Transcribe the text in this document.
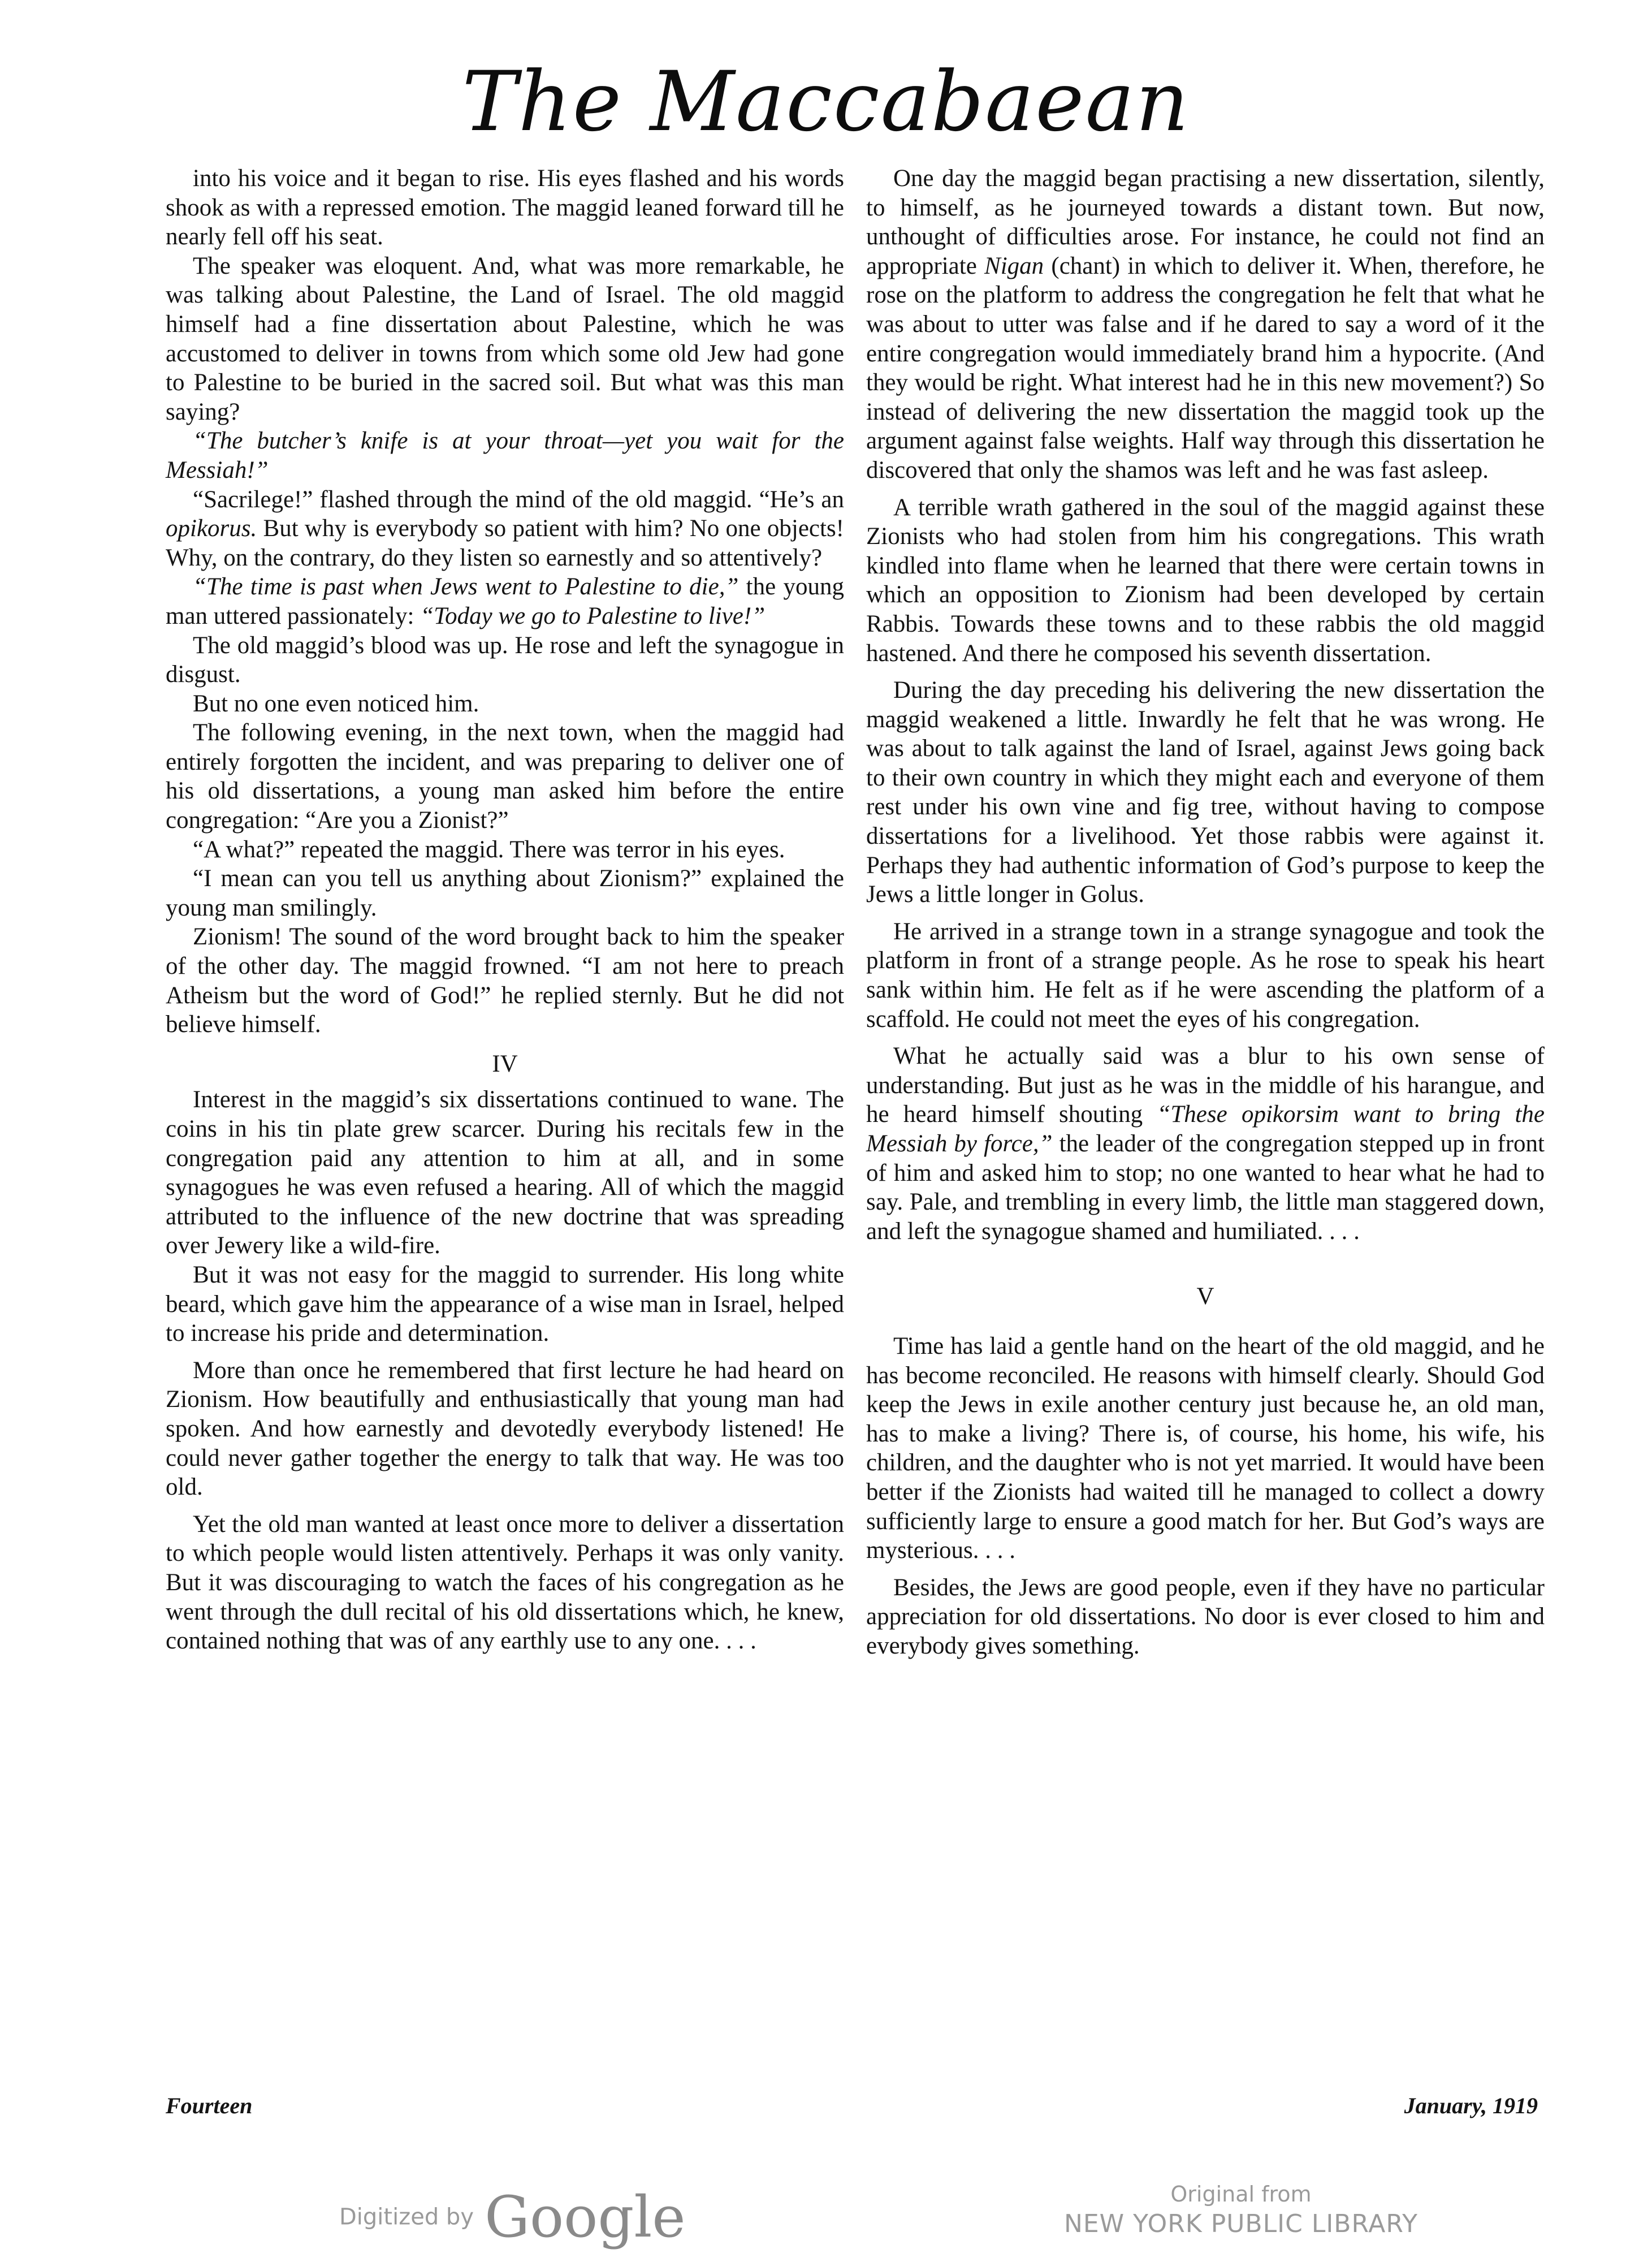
The Maccabaean

into his voice and it began to rise. His eyes flashed and his words shook as with a repressed emotion. The maggid leaned forward till he nearly fell off his seat.

The speaker was eloquent. And, what was more remarkable, he was talking about Palestine, the Land of Israel. The old maggid himself had a fine dissertation about Palestine, which he was accustomed to deliver in towns from which some old Jew had gone to Palestine to be buried in the sacred soil. But what was this man saying?

“The butcher’s knife is at your throat—yet you wait for the Messiah!”

“Sacrilege!” flashed through the mind of the old maggid. “He’s an opikorus. But why is everybody so patient with him? No one objects! Why, on the contrary, do they listen so earnestly and so attentively?

“The time is past when Jews went to Palestine to die,” the young man uttered passionately: “Today we go to Palestine to live!”

The old maggid’s blood was up. He rose and left the synagogue in disgust.

But no one even noticed him.

The following evening, in the next town, when the maggid had entirely forgotten the incident, and was preparing to deliver one of his old dissertations, a young man asked him before the entire congregation: “Are you a Zionist?”

“A what?” repeated the maggid. There was terror in his eyes.

“I mean can you tell us anything about Zionism?” explained the young man smilingly.

Zionism! The sound of the word brought back to him the speaker of the other day. The maggid frowned. “I am not here to preach Atheism but the word of God!” he replied sternly. But he did not believe himself.

IV

Interest in the maggid’s six dissertations continued to wane. The coins in his tin plate grew scarcer. During his recitals few in the congregation paid any attention to him at all, and in some synagogues he was even refused a hearing. All of which the maggid attributed to the influence of the new doctrine that was spreading over Jewery like a wild-fire.

But it was not easy for the maggid to surrender. His long white beard, which gave him the appearance of a wise man in Israel, helped to increase his pride and determination.

More than once he remembered that first lecture he had heard on Zionism. How beautifully and enthusiastically that young man had spoken. And how earnestly and devotedly everybody listened! He could never gather together the energy to talk that way. He was too old.

Yet the old man wanted at least once more to deliver a dissertation to which people would listen attentively. Perhaps it was only vanity. But it was discouraging to watch the faces of his congregation as he went through the dull recital of his old dissertations which, he knew, contained nothing that was of any earthly use to any one. . . .

One day the maggid began practising a new dissertation, silently, to himself, as he journeyed towards a distant town. But now, unthought of difficulties arose. For instance, he could not find an appropriate Nigan (chant) in which to deliver it. When, therefore, he rose on the platform to address the congregation he felt that what he was about to utter was false and if he dared to say a word of it the entire congregation would immediately brand him a hypocrite. (And they would be right. What interest had he in this new movement?) So instead of delivering the new dissertation the maggid took up the argument against false weights. Half way through this dissertation he discovered that only the shamos was left and he was fast asleep.

A terrible wrath gathered in the soul of the maggid against these Zionists who had stolen from him his congregations. This wrath kindled into flame when he learned that there were certain towns in which an opposition to Zionism had been developed by certain Rabbis. Towards these towns and to these rabbis the old maggid hastened. And there he composed his seventh dissertation.

During the day preceding his delivering the new dissertation the maggid weakened a little. Inwardly he felt that he was wrong. He was about to talk against the land of Israel, against Jews going back to their own country in which they might each and everyone of them rest under his own vine and fig tree, without having to compose dissertations for a livelihood. Yet those rabbis were against it. Perhaps they had authentic information of God’s purpose to keep the Jews a little longer in Golus.

He arrived in a strange town in a strange synagogue and took the platform in front of a strange people. As he rose to speak his heart sank within him. He felt as if he were ascending the platform of a scaffold. He could not meet the eyes of his congregation.

What he actually said was a blur to his own sense of understanding. But just as he was in the middle of his harangue, and he heard himself shouting “These opikorsim want to bring the Messiah by force,” the leader of the congregation stepped up in front of him and asked him to stop; no one wanted to hear what he had to say. Pale, and trembling in every limb, the little man staggered down, and left the synagogue shamed and humiliated. . . .

V

Time has laid a gentle hand on the heart of the old maggid, and he has become reconciled. He reasons with himself clearly. Should God keep the Jews in exile another century just because he, an old man, has to make a living? There is, of course, his home, his wife, his children, and the daughter who is not yet married. It would have been better if the Zionists had waited till he managed to collect a dowry sufficiently large to ensure a good match for her. But God’s ways are mysterious. . . .

Besides, the Jews are good people, even if they have no particular appreciation for old dissertations. No door is ever closed to him and everybody gives something.

Fourteen	January, 1919
Digitized by Google	Original from
NEW YORK PUBLIC LIBRARY
